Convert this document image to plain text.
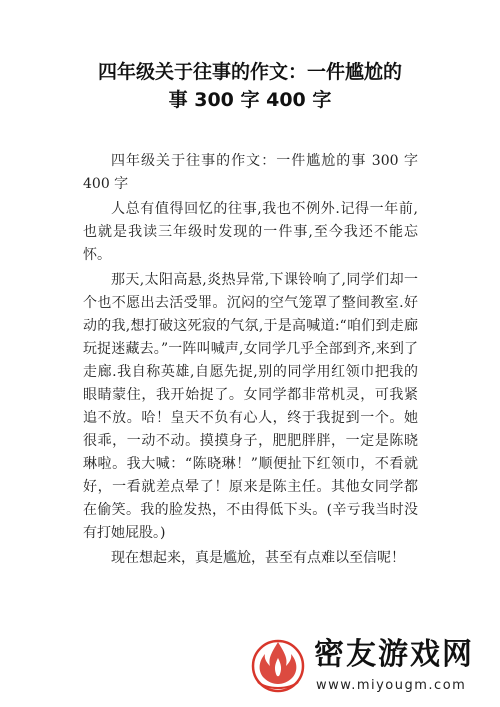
四年级关于往事的作文：一件尴尬的
事 300 字 400 字

四年级关于往事的作文：一件尴尬的事 300 字 400 字

人总有值得回忆的往事,我也不例外.记得一年前,也就是我读三年级时发现的一件事,至今我还不能忘怀。

那天,太阳高悬,炎热异常,下课铃响了,同学们却一个也不愿出去活受罪。沉闷的空气笼罩了整间教室.好动的我,想打破这死寂的气氛,于是高喊道:“咱们到走廊玩捉迷藏去。”一阵叫喊声,女同学几乎全部到齐,来到了走廊.我自称英雄,自愿先捉,别的同学用红领巾把我的眼睛蒙住，我开始捉了。女同学都非常机灵，可我紧追不放。哈！皇天不负有心人，终于我捉到一个。她很乖，一动不动。摸摸身子，肥肥胖胖，一定是陈晓琳啦。我大喊：“陈晓琳！”顺便扯下红领巾，不看就好，一看就差点晕了！原来是陈主任。其他女同学都在偷笑。我的脸发热，不由得低下头。(辛亏我当时没有打她屁股。)

现在想起来，真是尴尬，甚至有点难以至信呢！

密友游戏网
www.miyougm.com
